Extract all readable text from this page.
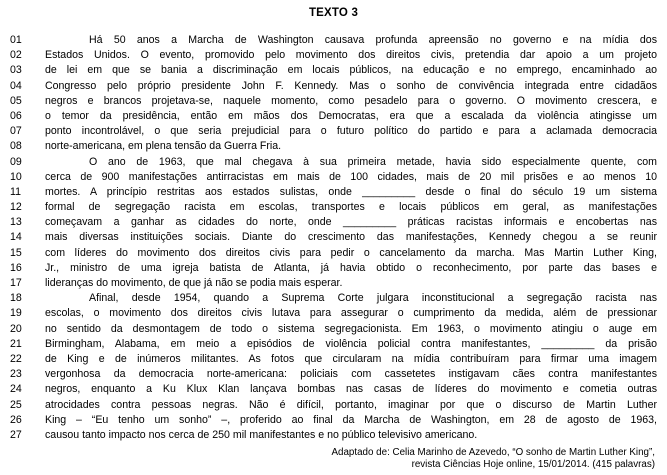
TEXTO 3
01	Há 50 anos a Marcha de Washington causava profunda apreensão no governo e na mídia dos
02	Estados Unidos. O evento, promovido pelo movimento dos direitos civis, pretendia dar apoio a um projeto
03	de lei em que se bania a discriminação em locais públicos, na educação e no emprego, encaminhado ao
04	Congresso pelo próprio presidente John F. Kennedy. Mas o sonho de convivência integrada entre cidadãos
05	negros e brancos projetava-se, naquele momento, como pesadelo para o governo. O movimento crescera, e
06	o temor da presidência, então em mãos dos Democratas, era que a escalada da violência atingisse um
07	ponto incontrolável, o que seria prejudicial para o futuro político do partido e para a aclamada democracia
08	norte-americana, em plena tensão da Guerra Fria.
09	O ano de 1963, que mal chegava à sua primeira metade, havia sido especialmente quente, com
10	cerca de 900 manifestações antirracistas em mais de 100 cidades, mais de 20 mil prisões e ao menos 10
11	mortes. A princípio restritas aos estados sulistas, onde _________ desde o final do século 19 um sistema
12	formal de segregação racista em escolas, transportes e locais públicos em geral, as manifestações
13	começavam a ganhar as cidades do norte, onde _________ práticas racistas informais e encobertas nas
14	mais diversas instituições sociais. Diante do crescimento das manifestações, Kennedy chegou a se reunir
15	com líderes do movimento dos direitos civis para pedir o cancelamento da marcha. Mas Martin Luther King,
16	Jr., ministro de uma igreja batista de Atlanta, já havia obtido o reconhecimento, por parte das bases e
17	lideranças do movimento, de que já não se podia mais esperar.
18	Afinal, desde 1954, quando a Suprema Corte julgara inconstitucional a segregação racista nas
19	escolas, o movimento dos direitos civis lutava para assegurar o cumprimento da medida, além de pressionar
20	no sentido da desmontagem de todo o sistema segregacionista. Em 1963, o movimento atingiu o auge em
21	Birmingham, Alabama, em meio a episódios de violência policial contra manifestantes, _________ da prisão
22	de King e de inúmeros militantes. As fotos que circularam na mídia contribuíram para firmar uma imagem
23	vergonhosa da democracia norte-americana: policiais com cassetetes instigavam cães contra manifestantes
24	negros, enquanto a Ku Klux Klan lançava bombas nas casas de líderes do movimento e cometia outras
25	atrocidades contra pessoas negras. Não é difícil, portanto, imaginar por que o discurso de Martin Luther
26	King – “Eu tenho um sonho” –, proferido ao final da Marcha de Washington, em 28 de agosto de 1963,
27	causou tanto impacto nos cerca de 250 mil manifestantes e no público televisivo americano.
Adaptado de: Celia Marinho de Azevedo, “O sonho de Martin Luther King”,
revista Ciências Hoje online, 15/01/2014. (415 palavras)
